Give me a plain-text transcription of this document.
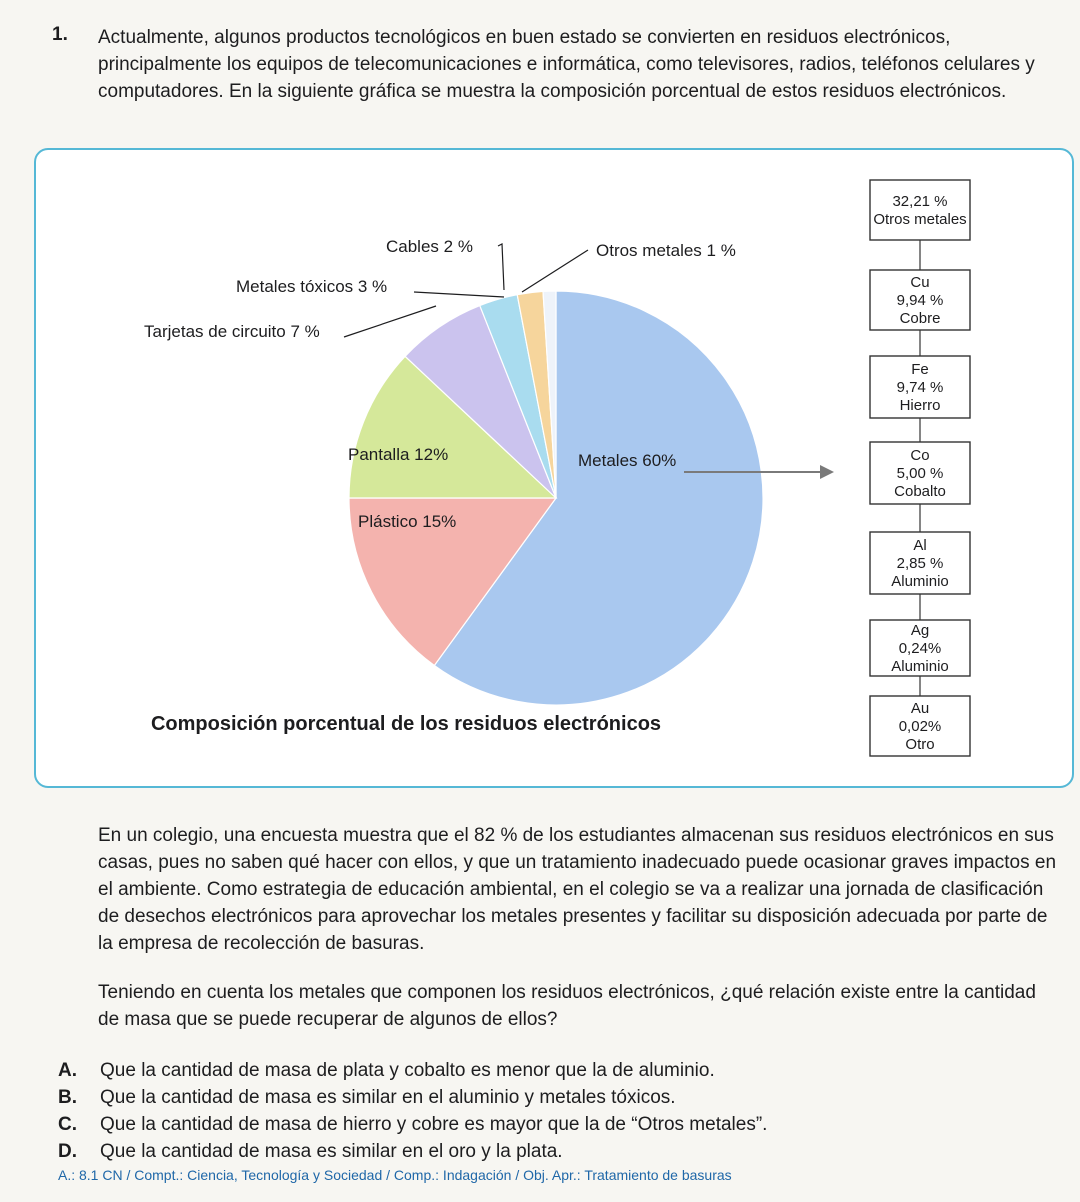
1. Actualmente, algunos productos tecnológicos en buen estado se convierten en residuos electrónicos, principalmente los equipos de telecomunicaciones e informática, como televisores, radios, teléfonos celulares y computadores. En la siguiente gráfica se muestra la composición porcentual de estos residuos electrónicos.

Metales 60%
Plástico 15%
Pantalla 12%
Tarjetas de circuito 7 %
Metales tóxicos 3 %
Cables 2 %	Otros metales 1 %
32,21 %
Otros metales
Cu
9,94 %
Cobre
Fe
9,74 %
Hierro
Co
5,00 %
Cobalto
Al
2,85 %
Aluminio
Ag
0,24%
Aluminio
Au
0,02%
Otro
Composición porcentual de los residuos electrónicos

En un colegio, una encuesta muestra que el 82 % de los estudiantes almacenan sus residuos electrónicos en sus casas, pues no saben qué hacer con ellos, y que un tratamiento inadecuado puede ocasionar graves impactos en el ambiente. Como estrategia de educación ambiental, en el colegio se va a realizar una jornada de clasificación de desechos electrónicos para aprovechar los metales presentes y facilitar su disposición adecuada por parte de la empresa de recolección de basuras.

Teniendo en cuenta los metales que componen los residuos electrónicos, ¿qué relación existe entre la cantidad de masa que se puede recuperar de algunos de ellos?

A. Que la cantidad de masa de plata y cobalto es menor que la de aluminio.
B. Que la cantidad de masa es similar en el aluminio y metales tóxicos.
C. Que la cantidad de masa de hierro y cobre es mayor que la de “Otros metales”.
D. Que la cantidad de masa es similar en el oro y la plata.
A.: 8.1 CN / Compt.: Ciencia, Tecnología y Sociedad / Comp.: Indagación / Obj. Apr.: Tratamiento de basuras
